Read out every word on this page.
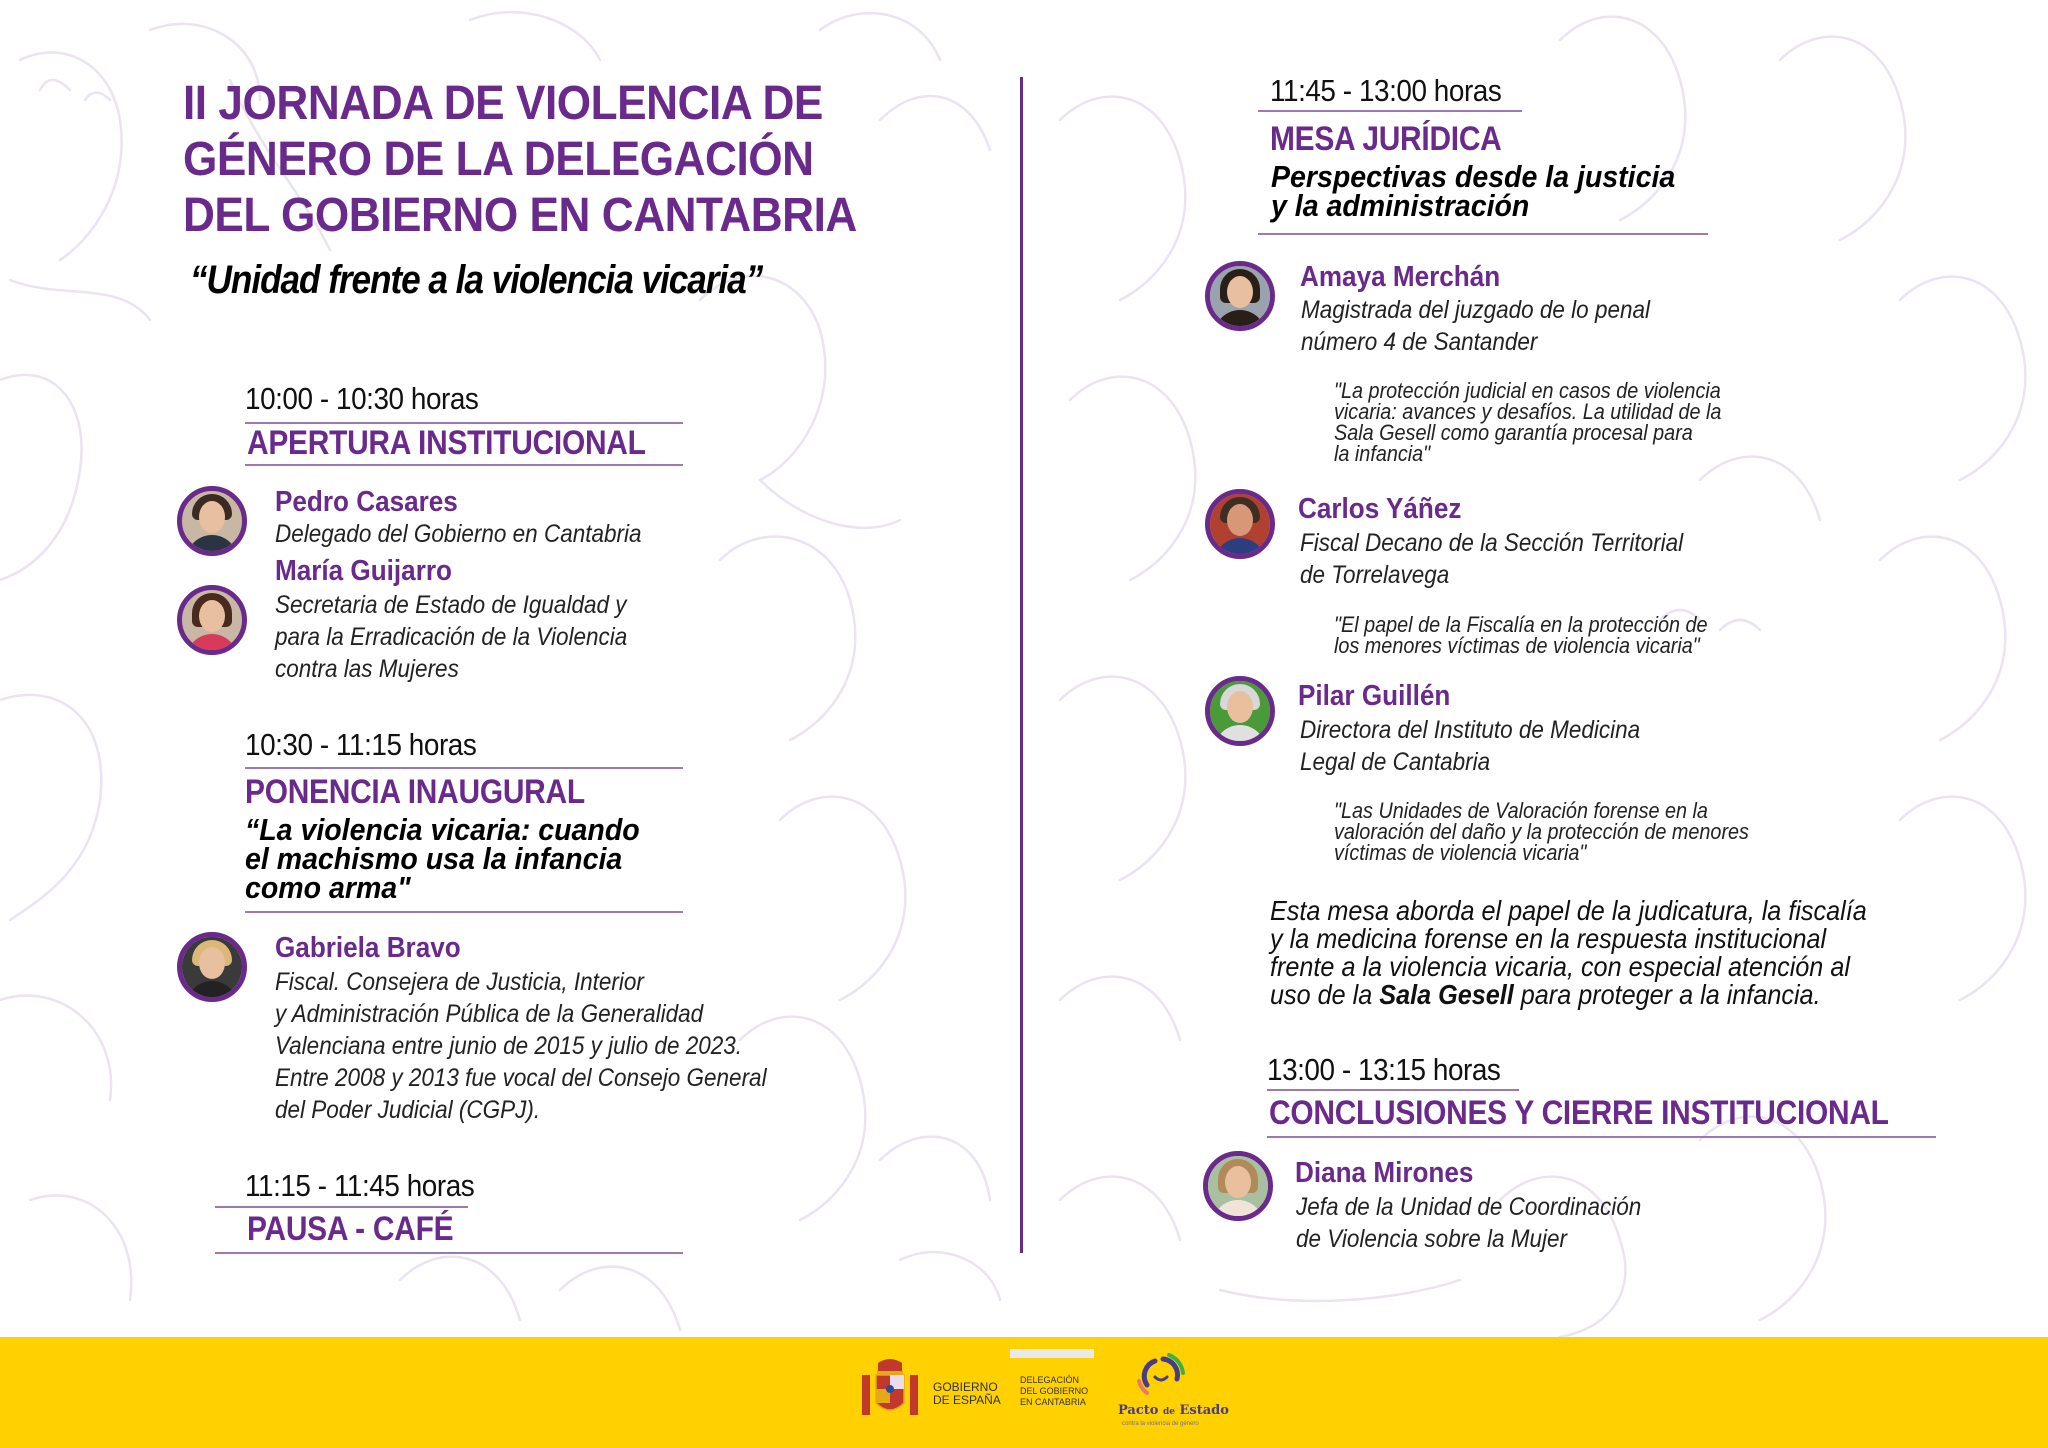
II JORNADA DE VIOLENCIA DE
GÉNERO DE LA DELEGACIÓN
DEL GOBIERNO EN CANTABRIA
“Unidad frente a la violencia vicaria”
10:00 - 10:30 horas
APERTURA INSTITUCIONAL
Pedro Casares
Delegado del Gobierno en Cantabria
María Guijarro
Secretaria de Estado de Igualdad y
para la Erradicación de la Violencia
contra las Mujeres
10:30 - 11:15 horas
PONENCIA INAUGURAL
“La violencia vicaria: cuando
el machismo usa la infancia
como arma"
Gabriela Bravo
Fiscal. Consejera de Justicia, Interior
y Administración Pública de la Generalidad
Valenciana entre junio de 2015 y julio de 2023.
Entre 2008 y 2013 fue vocal del Consejo General
del Poder Judicial (CGPJ).
11:15 - 11:45 horas
PAUSA - CAFÉ
11:45 - 13:00 horas
MESA JURÍDICA
Perspectivas desde la justicia
y la administración
Amaya Merchán
Magistrada del juzgado de lo penal
número 4 de Santander
"La protección judicial en casos de violencia
vicaria: avances y desafíos. La utilidad de la
Sala Gesell como garantía procesal para
la infancia"
Carlos Yáñez
Fiscal Decano de la Sección Territorial
de Torrelavega
"El papel de la Fiscalía en la protección de
los menores víctimas de violencia vicaria"
Pilar Guillén
Directora del Instituto de Medicina
Legal de Cantabria
"Las Unidades de Valoración forense en la
valoración del daño y la protección de menores
víctimas de violencia vicaria"
Esta mesa aborda el papel de la judicatura, la fiscalía
y la medicina forense en la respuesta institucional
frente a la violencia vicaria, con especial atención al
uso de la Sala Gesell para proteger a la infancia.
13:00 - 13:15 horas
CONCLUSIONES Y CIERRE INSTITUCIONAL
Diana Mirones
Jefa de la Unidad de Coordinación
de Violencia sobre la Mujer
GOBIERNO
DE ESPAÑA
DELEGACIÓN
DEL GOBIERNO
EN CANTABRIA
Pacto de Estado
contra la violencia de género
